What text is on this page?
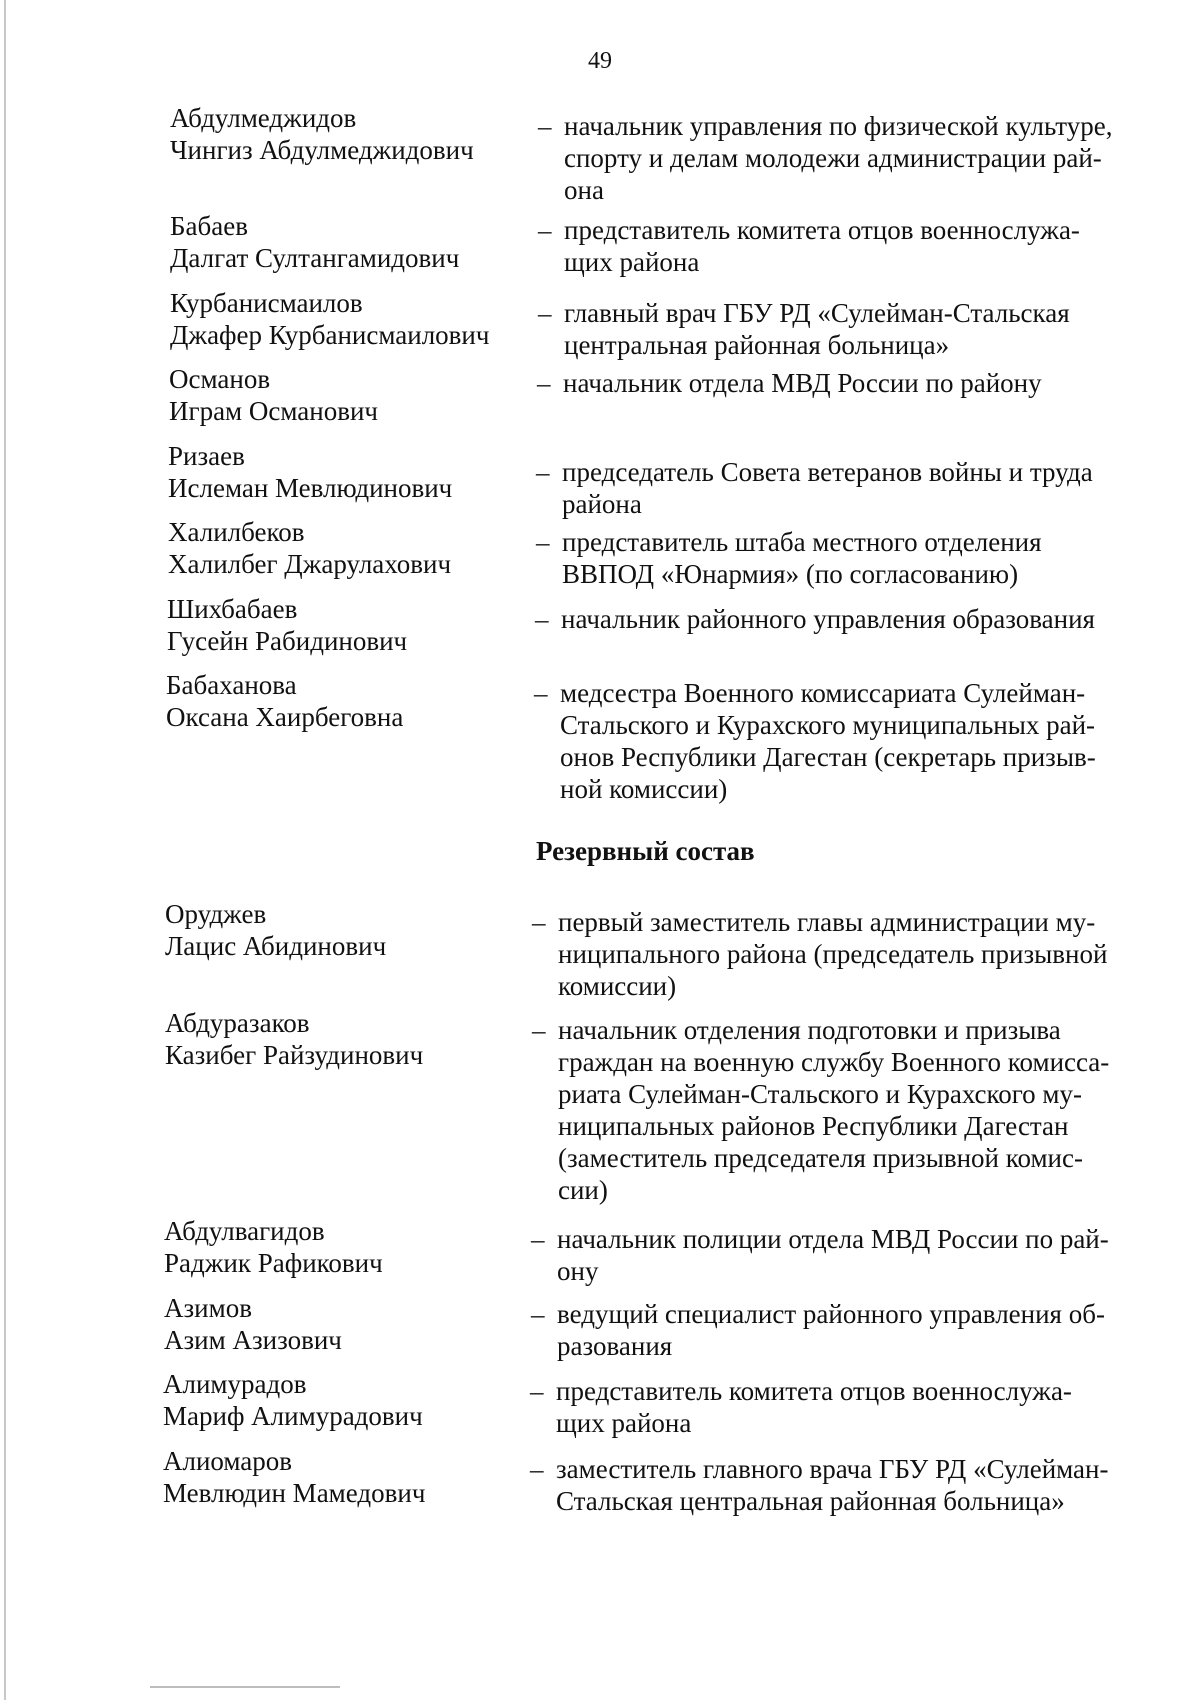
49
Абдулмеджидов
Чингиз Абдулмеджидович
– начальник управления по физической культуре,
спорту и делам молодежи администрации рай-
она
Бабаев
Далгат Султангамидович
– представитель комитета отцов военнослужа-
щих района
Курбанисмаилов
Джафер Курбанисмаилович
– главный врач ГБУ РД «Сулейман-Стальская
центральная районная больница»
Османов
Играм Османович
– начальник отдела МВД России по району
Ризаев
Ислеман Мевлюдинович
– председатель Совета ветеранов войны и труда
района
Халилбеков
Халилбег Джарулахович
– представитель штаба местного отделения
ВВПОД «Юнармия» (по согласованию)
Шихбабаев
Гусейн Рабидинович
– начальник районного управления образования
Бабаханова
Оксана Хаирбеговна
– медсестра Военного комиссариата Сулейман-
Стальского и Курахского муниципальных рай-
онов Республики Дагестан (секретарь призыв-
ной комиссии)
Резервный состав
Оруджев
Лацис Абидинович
– первый заместитель главы администрации му-
ниципального района (председатель призывной
комиссии)
Абдуразаков
Казибег Райзудинович
– начальник отделения подготовки и призыва
граждан на военную службу Военного комисса-
риата Сулейман-Стальского и Курахского му-
ниципальных районов Республики Дагестан
(заместитель председателя призывной комис-
сии)
Абдулвагидов
Раджик Рафикович
– начальник полиции отдела МВД России по рай-
ону
Азимов
Азим Азизович
– ведущий специалист районного управления об-
разования
Алимурадов
Мариф Алимурадович
– представитель комитета отцов военнослужа-
щих района
Алиомаров
Мевлюдин Мамедович
– заместитель главного врача ГБУ РД «Сулейман-
Стальская центральная районная больница»
